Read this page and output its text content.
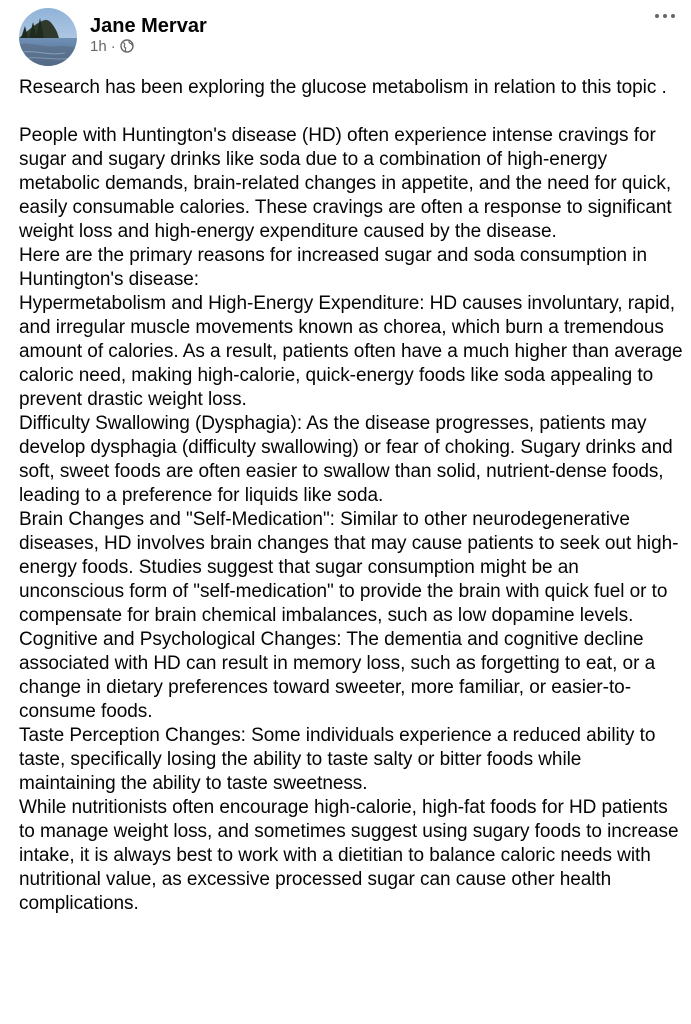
Jane Mervar
1h ·

Research has been exploring the glucose metabolism in relation to this topic .

People with Huntington's disease (HD) often experience intense cravings for sugar and sugary drinks like soda due to a combination of high-energy metabolic demands, brain-related changes in appetite, and the need for quick, easily consumable calories. These cravings are often a response to significant weight loss and high-energy expenditure caused by the disease.

Here are the primary reasons for increased sugar and soda consumption in Huntington's disease:

Hypermetabolism and High-Energy Expenditure: HD causes involuntary, rapid, and irregular muscle movements known as chorea, which burn a tremendous amount of calories. As a result, patients often have a much higher than average caloric need, making high-calorie, quick-energy foods like soda appealing to prevent drastic weight loss.

Difficulty Swallowing (Dysphagia): As the disease progresses, patients may develop dysphagia (difficulty swallowing) or fear of choking. Sugary drinks and soft, sweet foods are often easier to swallow than solid, nutrient-dense foods, leading to a preference for liquids like soda.

Brain Changes and "Self-Medication": Similar to other neurodegenerative diseases, HD involves brain changes that may cause patients to seek out high-energy foods. Studies suggest that sugar consumption might be an unconscious form of "self-medication" to provide the brain with quick fuel or to compensate for brain chemical imbalances, such as low dopamine levels.

Cognitive and Psychological Changes: The dementia and cognitive decline associated with HD can result in memory loss, such as forgetting to eat, or a change in dietary preferences toward sweeter, more familiar, or easier-to-consume foods.

Taste Perception Changes: Some individuals experience a reduced ability to taste, specifically losing the ability to taste salty or bitter foods while maintaining the ability to taste sweetness.

While nutritionists often encourage high-calorie, high-fat foods for HD patients to manage weight loss, and sometimes suggest using sugary foods to increase intake, it is always best to work with a dietitian to balance caloric needs with nutritional value, as excessive processed sugar can cause other health complications.
